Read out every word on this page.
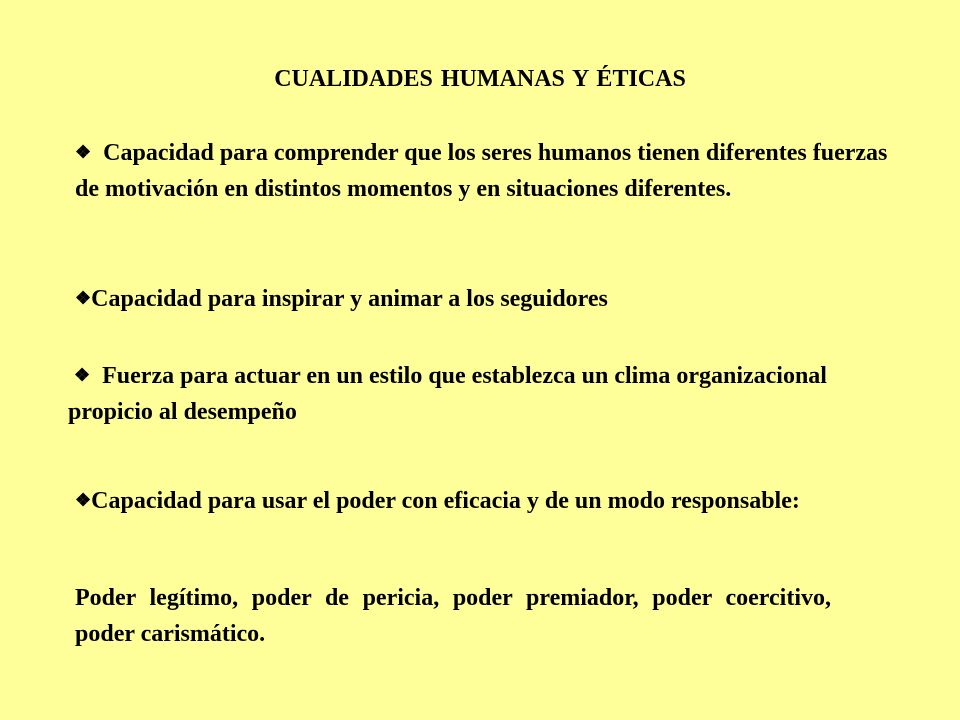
CUALIDADES HUMANAS Y ÉTICAS

❖ Capacidad para comprender que los seres humanos tienen diferentes fuerzas de motivación en distintos momentos y en situaciones diferentes.

❖Capacidad para inspirar y animar a los seguidores

❖ Fuerza para actuar en un estilo que establezca un clima organizacional propicio al desempeño

❖Capacidad para usar el poder con eficacia y de un modo responsable:

Poder legítimo, poder de pericia, poder premiador, poder coercitivo, poder carismático.
